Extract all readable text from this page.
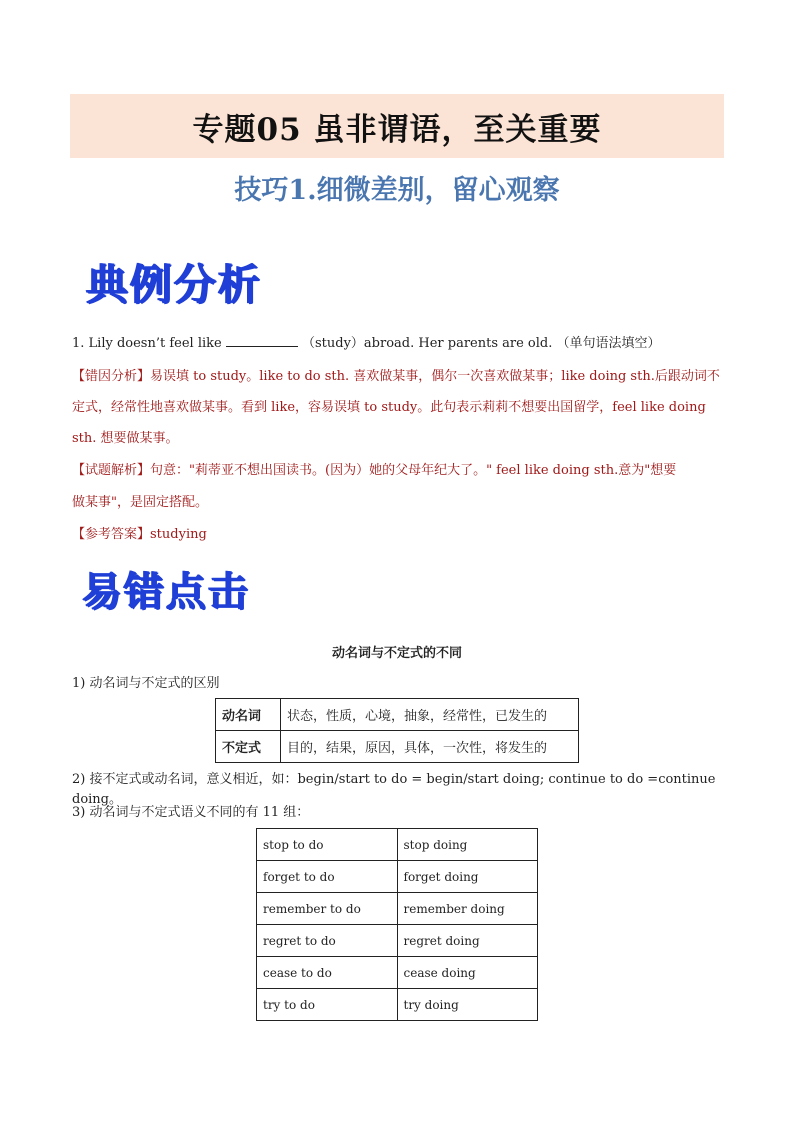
专题05 虽非谓语，至关重要
技巧1.细微差别，留心观察
典例分析
1. Lily doesn’t feel like	（study）abroad. Her parents are old. （单句语法填空）
【错因分析】易误填 to study。like to do sth. 喜欢做某事，偶尔一次喜欢做某事；like doing sth.后跟动词不
定式，经常性地喜欢做某事。看到 like，容易误填 to study。此句表示莉莉不想要出国留学，feel like doing
sth. 想要做某事。
【试题解析】句意："莉蒂亚不想出国读书。(因为）她的父母年纪大了。" feel like doing sth.意为"想要
做某事"，是固定搭配。
【参考答案】studying
易错点击
动名词与不定式的不同
1) 动名词与不定式的区别
动名词	状态，性质，心境，抽象，经常性，已发生的
不定式	目的，结果，原因，具体，一次性，将发生的
2) 接不定式或动名词，意义相近，如：begin/start to do = begin/start doing; continue to do =continue doing。
3) 动名词与不定式语义不同的有 11 组：
stop to do	stop doing
forget to do	forget doing
remember to do	remember doing
regret to do	regret doing
cease to do	cease doing
try to do	try doing
